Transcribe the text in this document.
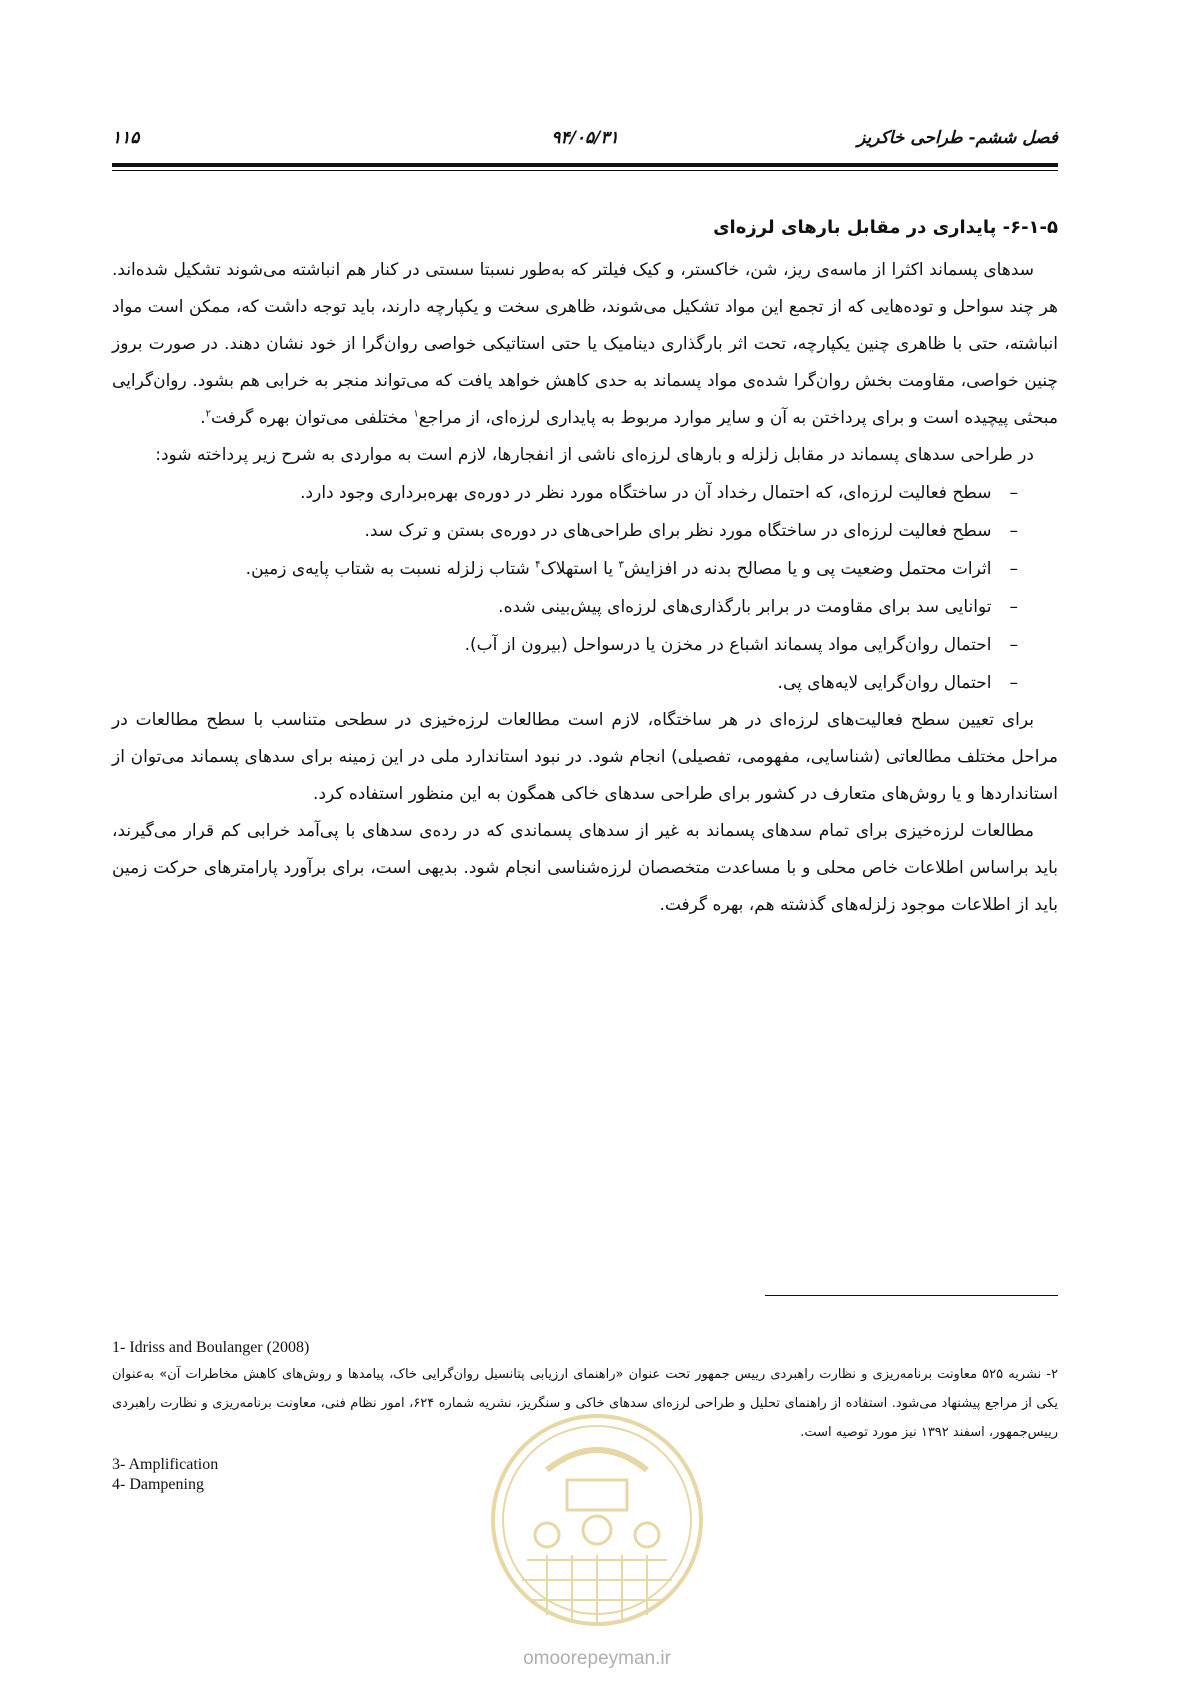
فصل ششم- طراحی خاکریز
۹۴/۰۵/۳۱
۱۱۵
۶-۱-۵- پایداری در مقابل بارهای لرزه‌ای

سدهای پسماند اکثرا از ماسه‌ی ریز، شن، خاکستر، و کیک فیلتر که به‌طور نسبتا سستی در کنار هم انباشته می‌شوند تشکیل شده‌اند. هر چند سواحل و توده‌هایی که از تجمع این مواد تشکیل می‌شوند، ظاهری سخت و یکپارچه دارند، باید توجه داشت که، ممکن است مواد انباشته، حتی با ظاهری چنین یکپارچه، تحت اثر بارگذاری دینامیک یا حتی استاتیکی خواصی روان‌گرا از خود نشان دهند. در صورت بروز چنین خواصی، مقاومت بخش روان‌گرا شده‌ی مواد پسماند به حدی کاهش خواهد یافت که می‌تواند منجر به خرابی هم بشود. روان‌گرایی مبحثی پیچیده است و برای پرداختن به آن و سایر موارد مربوط به پایداری لرزه‌ای، از مراجع$^۱$ مختلفی می‌توان بهره گرفت$^۲$.

در طراحی سدهای پسماند در مقابل زلزله و بارهای لرزه‌ای ناشی از انفجارها، لازم است به مواردی به شرح زیر پرداخته شود:

– سطح فعالیت لرزه‌ای، که احتمال رخداد آن در ساختگاه مورد نظر در دوره‌ی بهره‌برداری وجود دارد.
– سطح فعالیت لرزه‌ای در ساختگاه مورد نظر برای طراحی‌های در دوره‌ی بستن و ترک سد.
– اثرات محتمل وضعیت پی و یا مصالح بدنه در افزایش$^۳$ یا استهلاک$^۴$ شتاب زلزله نسبت به شتاب پایه‌ی زمین.
– توانایی سد برای مقاومت در برابر بارگذاری‌های لرزه‌ای پیش‌بینی شده.
– احتمال روان‌گرایی مواد پسماند اشباع در مخزن یا درسواحل (بیرون از آب).
– احتمال روان‌گرایی لایه‌های پی.

برای تعیین سطح فعالیت‌های لرزه‌ای در هر ساختگاه، لازم است مطالعات لرزه‌خیزی در سطحی متناسب با سطح مطالعات در مراحل مختلف مطالعاتی (شناسایی، مفهومی، تفصیلی) انجام شود. در نبود استاندارد ملی در این زمینه برای سدهای پسماند می‌توان از استانداردها و یا روش‌های متعارف در کشور برای طراحی سدهای خاکی همگون به این منظور استفاده کرد.

مطالعات لرزه‌خیزی برای تمام سدهای پسماند به غیر از سدهای پسماندی که در رده‌ی سدهای با پی‌آمد خرابی کم قرار می‌گیرند، باید براساس اطلاعات خاص محلی و با مساعدت متخصصان لرزه‌شناسی انجام شود. بدیهی است، برای برآورد پارامترهای حرکت زمین باید از اطلاعات موجود زلزله‌های گذشته هم، بهره گرفت.

1- Idriss and Boulanger (2008)
۲- نشریه ۵۲۵ معاونت برنامه‌ریزی و نظارت راهبردی رییس جمهور تحت عنوان «راهنمای ارزیابی پتانسیل روان‌گرایی خاک، پیامدها و روش‌های کاهش مخاطرات آن» به‌عنوان یکی از مراجع پیشنهاد می‌شود. استفاده از راهنمای تحلیل و طراحی لرزه‌ای سدهای خاکی و سنگریز، نشریه شماره ۶۲۴، امور نظام فنی، معاونت برنامه‌ریزی و نظارت راهبردی رییس‌جمهور، اسفند ۱۳۹۲ نیز مورد توصیه است.
3- Amplification
4- Dampening
omoorepeyman.ir
